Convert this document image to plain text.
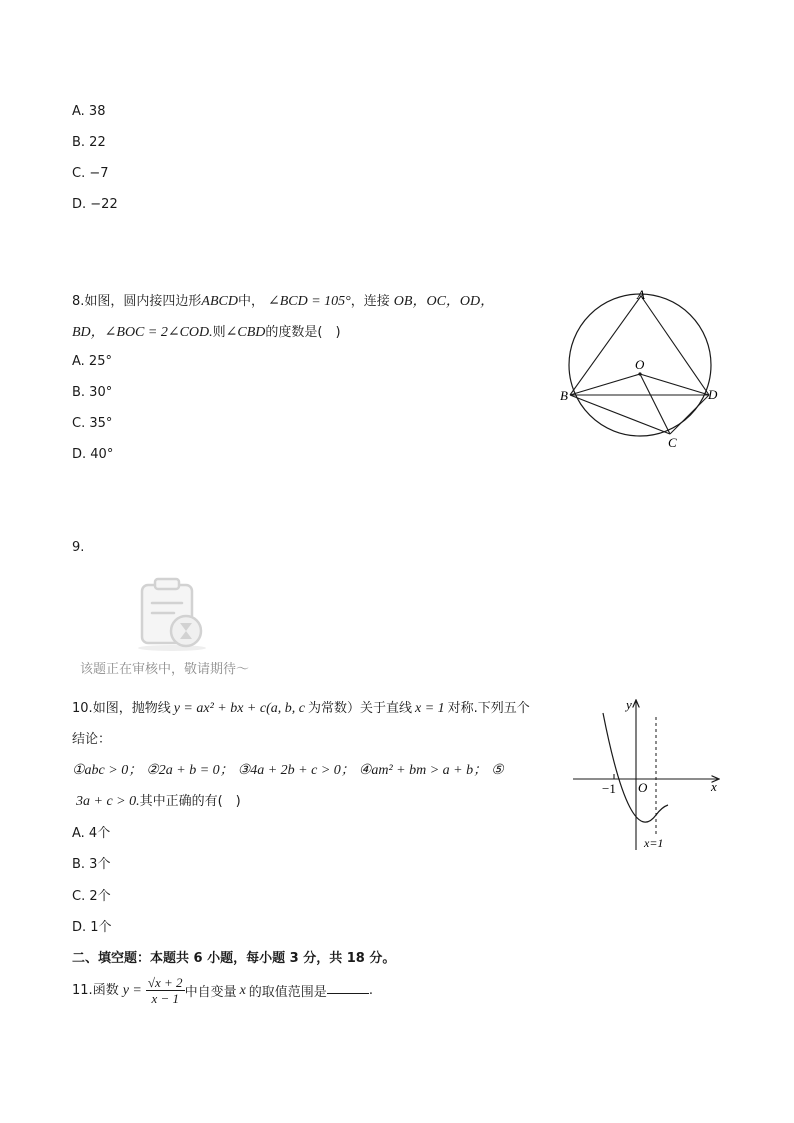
A. 38
B. 22
C. −7
D. −22
8.如图，圆内接四边形ABCD中， ∠BCD = 105°，连接 OB，OC，OD，
BD，∠BOC = 2∠COD.则∠CBD的度数是(　)
A. 25°
B. 30°
C. 35°
D. 40°
A
B
C
D
O
9.
该题正在审核中，敬请期待～
10.如图，抛物线 y = ax² + bx + c(a, b, c 为常数）关于直线 x = 1 对称.下列五个
结论：
①abc > 0； ②2a + b = 0； ③4a + 2b + c > 0； ④am² + bm > a + b； ⑤
3a + c > 0.其中正确的有(　)
A. 4个
B. 3个
C. 2个
D. 1个
y
x
O
−1
x=1
二、填空题：本题共 6 小题，每小题 3 分，共 18 分。
11.函数 $y = \frac{√x + 2}{x - 1}$ 中自变量 x 的取值范围是	.
